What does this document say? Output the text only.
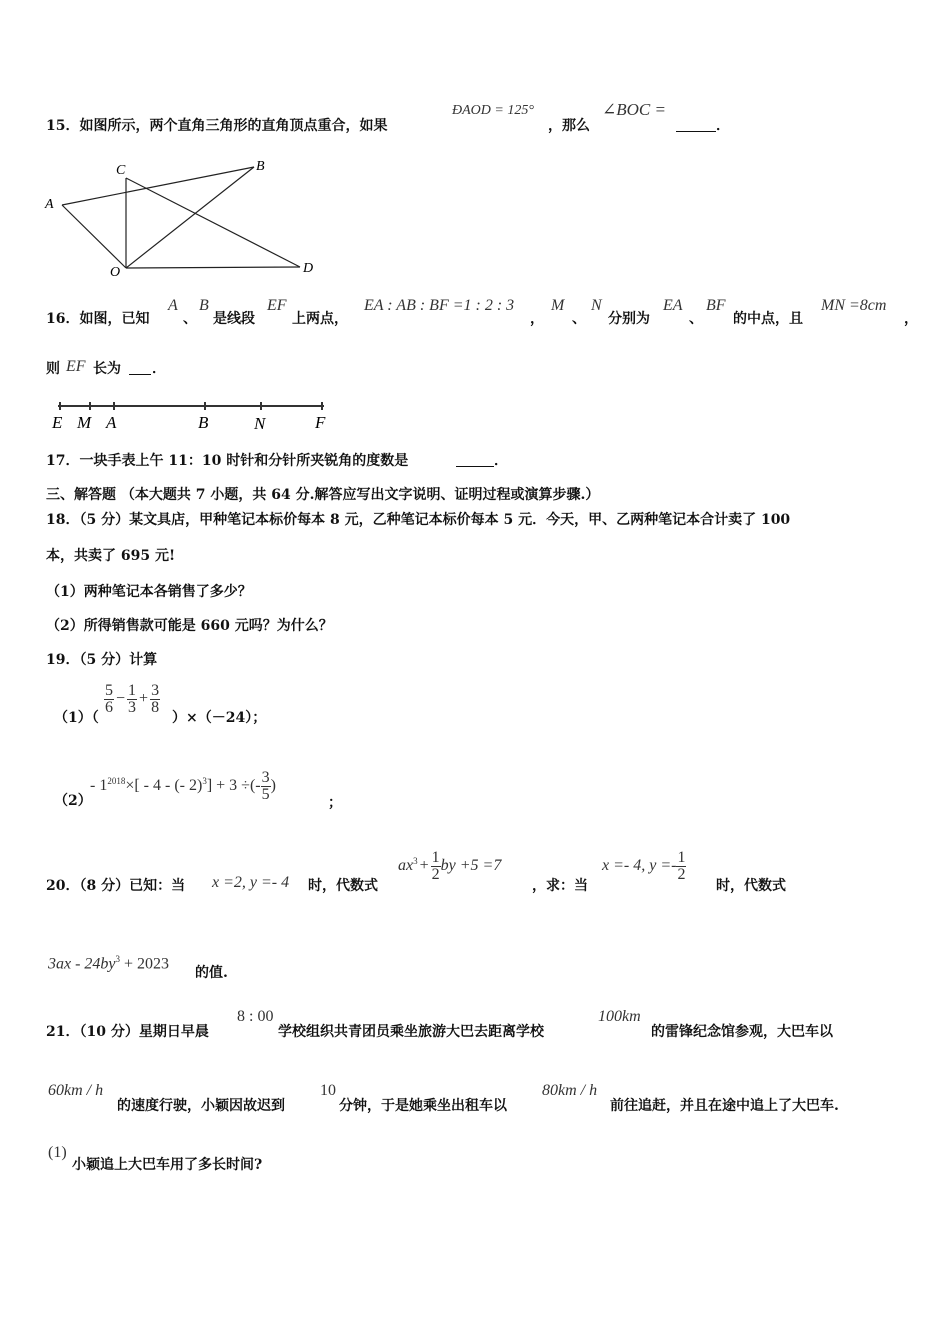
15．如图所示，两个直角三角形的直角顶点重合，如果
ÐAOD = 125°
，那么
∠BOC =
．
A
B
C
O	D
16．如图，已知
A
、
B
是线段
EF
上两点，
EA : AB : BF =1 : 2 : 3
，
M
、
N
分别为
EA
、
BF
的中点，且
MN =8cm
，
则 EF 长为 ．
E M A	B	N	F
17．一块手表上午 11：10 时针和分针所夹锐角的度数是	．
三、解答题 （本大题共 7 小题，共 64 分.解答应写出文字说明、证明过程或演算步骤.）
18．（5 分）某文具店，甲种笔记本标价每本 8 元，乙种笔记本标价每本 5 元．今天，甲、乙两种笔记本合计卖了 100
本，共卖了 695 元!
（1）两种笔记本各销售了多少？
（2）所得销售款可能是 660 元吗？为什么？
19．（5 分）计算
（1）（
$\frac{5}{6} - \frac{1}{3} + \frac{3}{8}$
）×（－24）；
（2）
- $1^{2018}\times[ - 4$ - (- 2)$^3$] + 3 ÷(- $\frac{3}{5}$ )
；
20．（8 分）已知：当 x =2, y =- 4 时，代数式
$ax^3 + \frac{1}{2}$ by +5 =7
，求：当
x =- 4, $y =- \frac{1}{2}$
时，代数式
$3ax - 24by^3 + 2023$
的值.
21．（10 分）星期日早晨
8 : 00
学校组织共青团员乘坐旅游大巴去距离学校
100km
的雷锋纪念馆参观，大巴车以
60km / h
的速度行驶，小颖因故迟到
10
分钟，于是她乘坐出租车以
80km / h
前往追赶，并且在途中追上了大巴车.
(1)
小颖追上大巴车用了多长时间?
